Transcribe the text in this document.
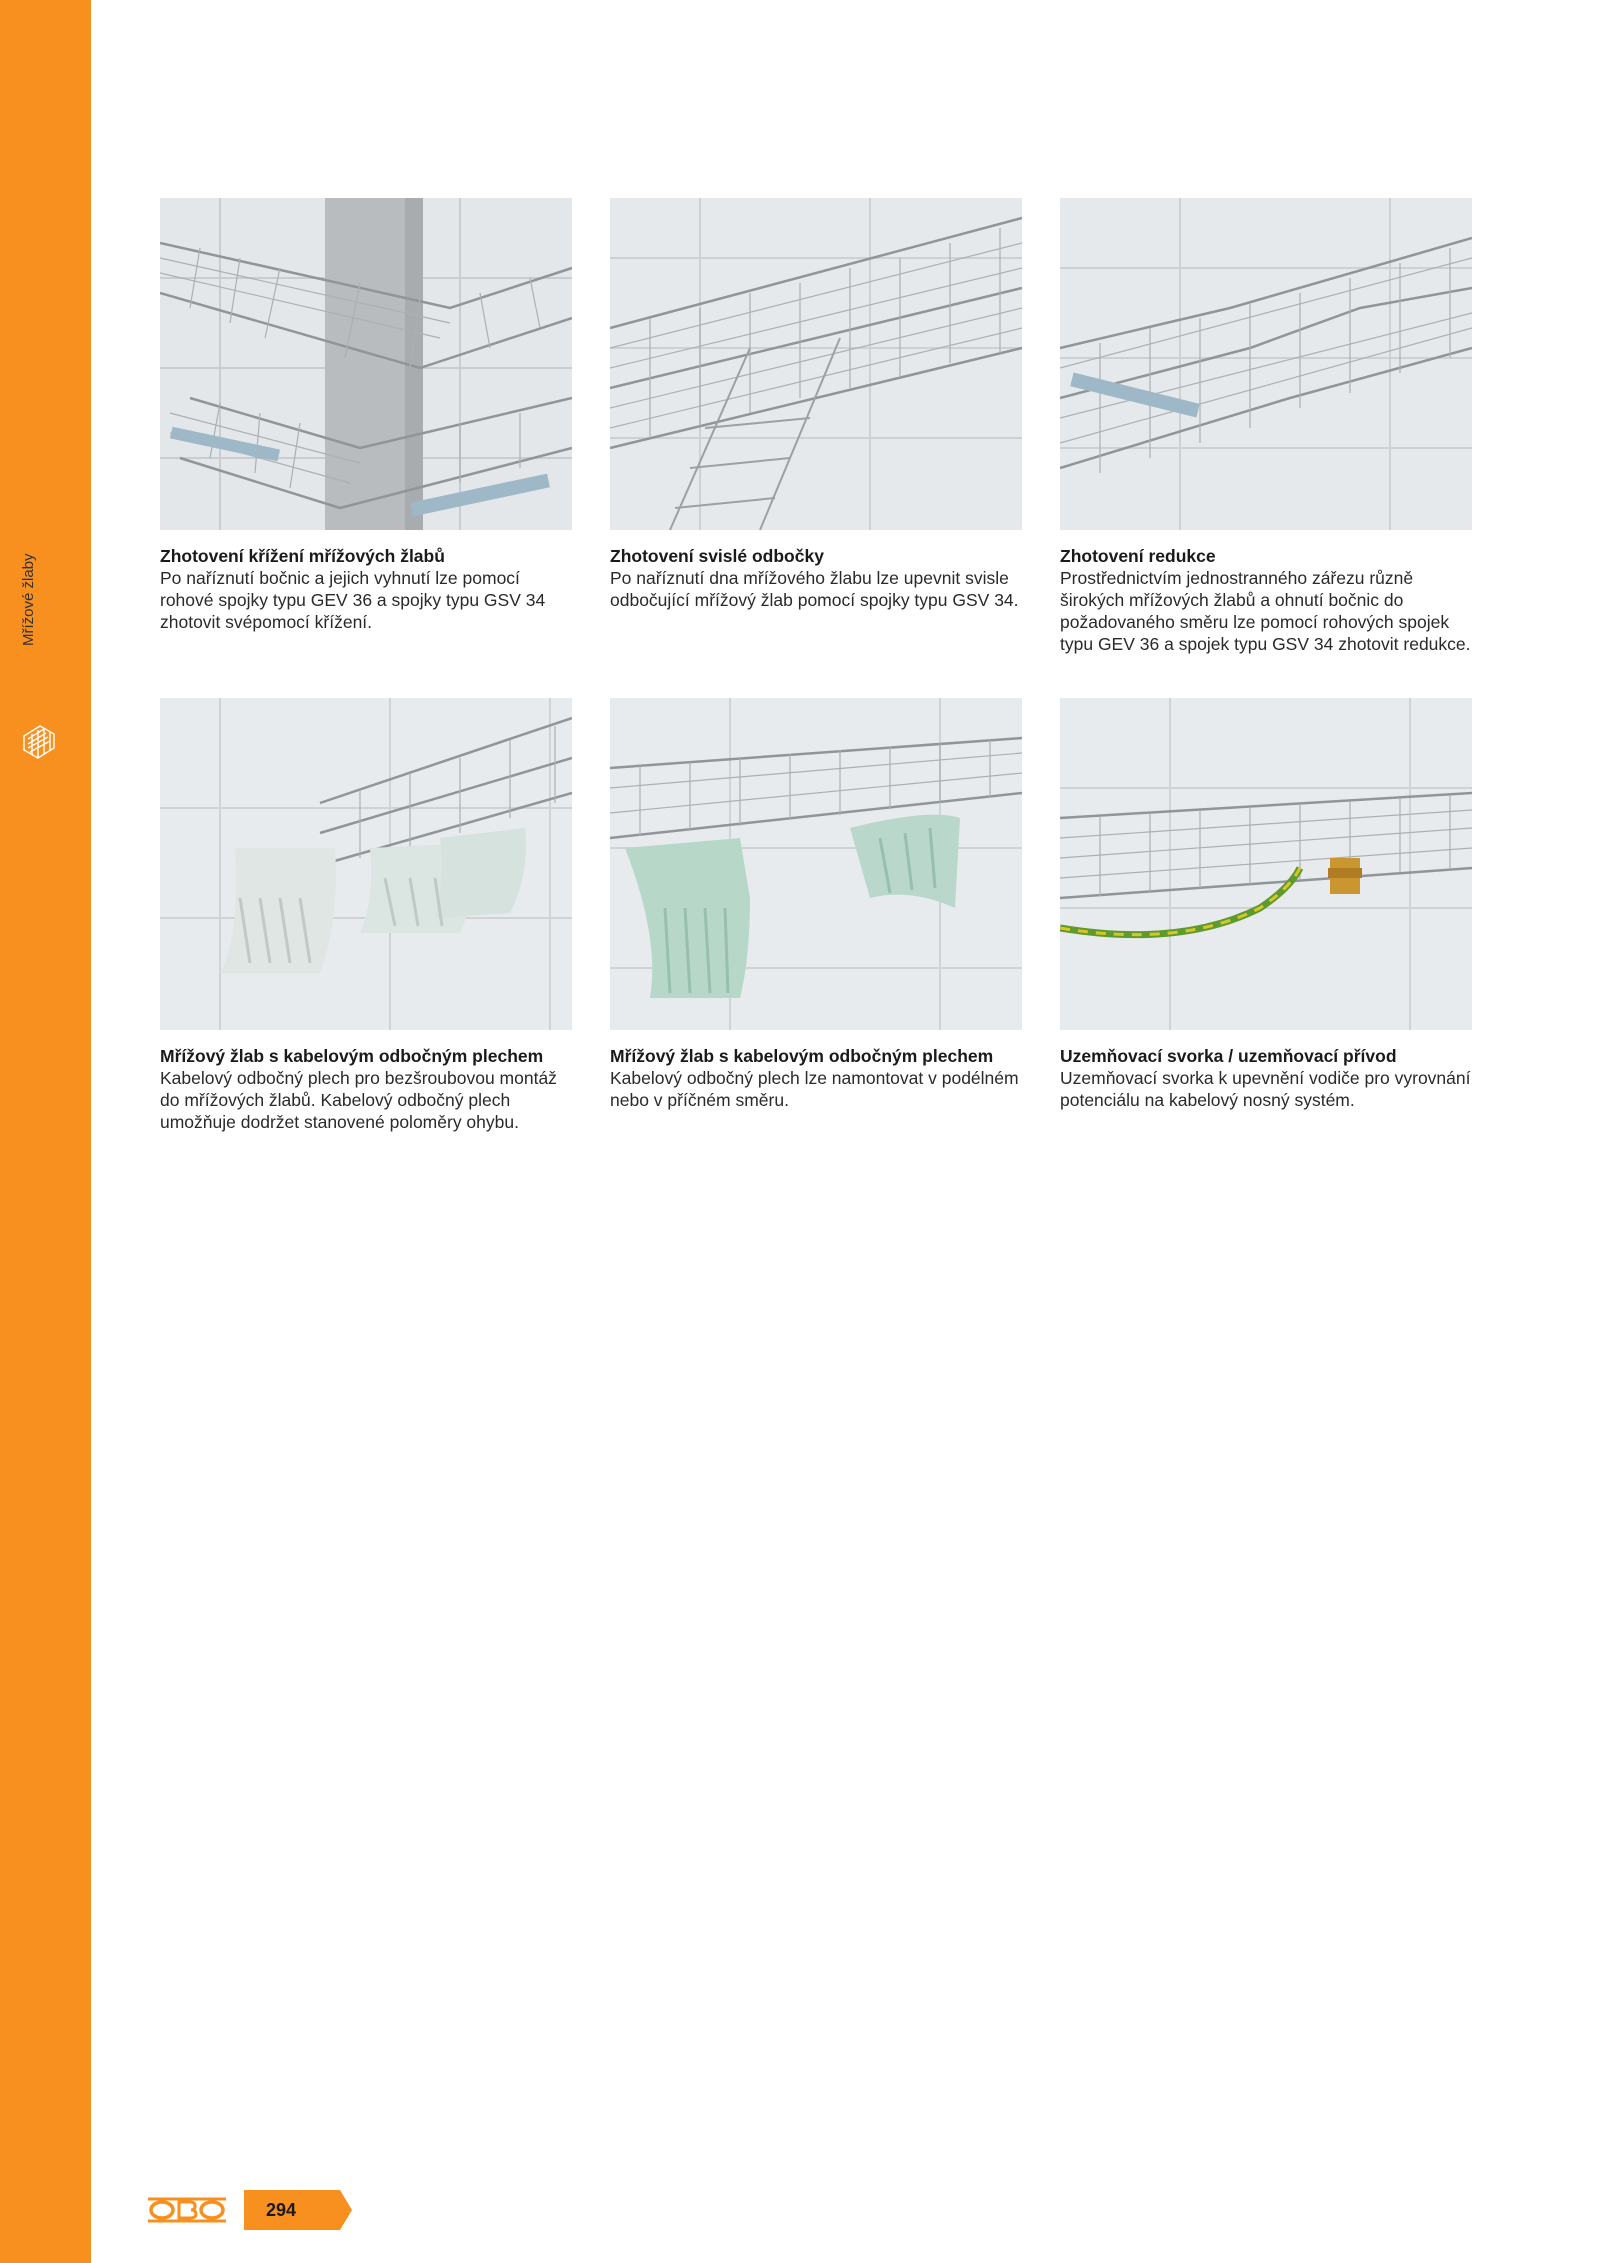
Mřížové žlaby	Zhotovení křížení mřížových žlabů
Po naříznutí bočnic a jejich vyhnutí lze pomocí rohové spojky typu GEV 36 a spojky typu GSV 34 zhotovit svépomocí křížení.
Zhotovení svislé odbočky
Po naříznutí dna mřížového žlabu lze upevnit svisle odbočující mřížový žlab pomocí spojky typu GSV 34.
Zhotovení redukce
Prostřednictvím jednostranného zářezu různě širokých mřížových žlabů a ohnutí bočnic do požadovaného směru lze pomocí rohových spojek typu GEV 36 a spojek typu GSV 34 zhotovit redukce.
Mřížový žlab s kabelovým odbočným plechem
Kabelový odbočný plech pro bezšroubovou montáž do mřížových žlabů. Kabelový odbočný plech umožňuje dodržet stanovené poloměry ohybu.
Mřížový žlab s kabelovým odbočným plechem
Kabelový odbočný plech lze namontovat v podélném nebo v příčném směru.
Uzemňovací svorka / uzemňovací přívod
Uzemňovací svorka k upevnění vodiče pro vyrovnání potenciálu na kabelový nosný systém.
294
